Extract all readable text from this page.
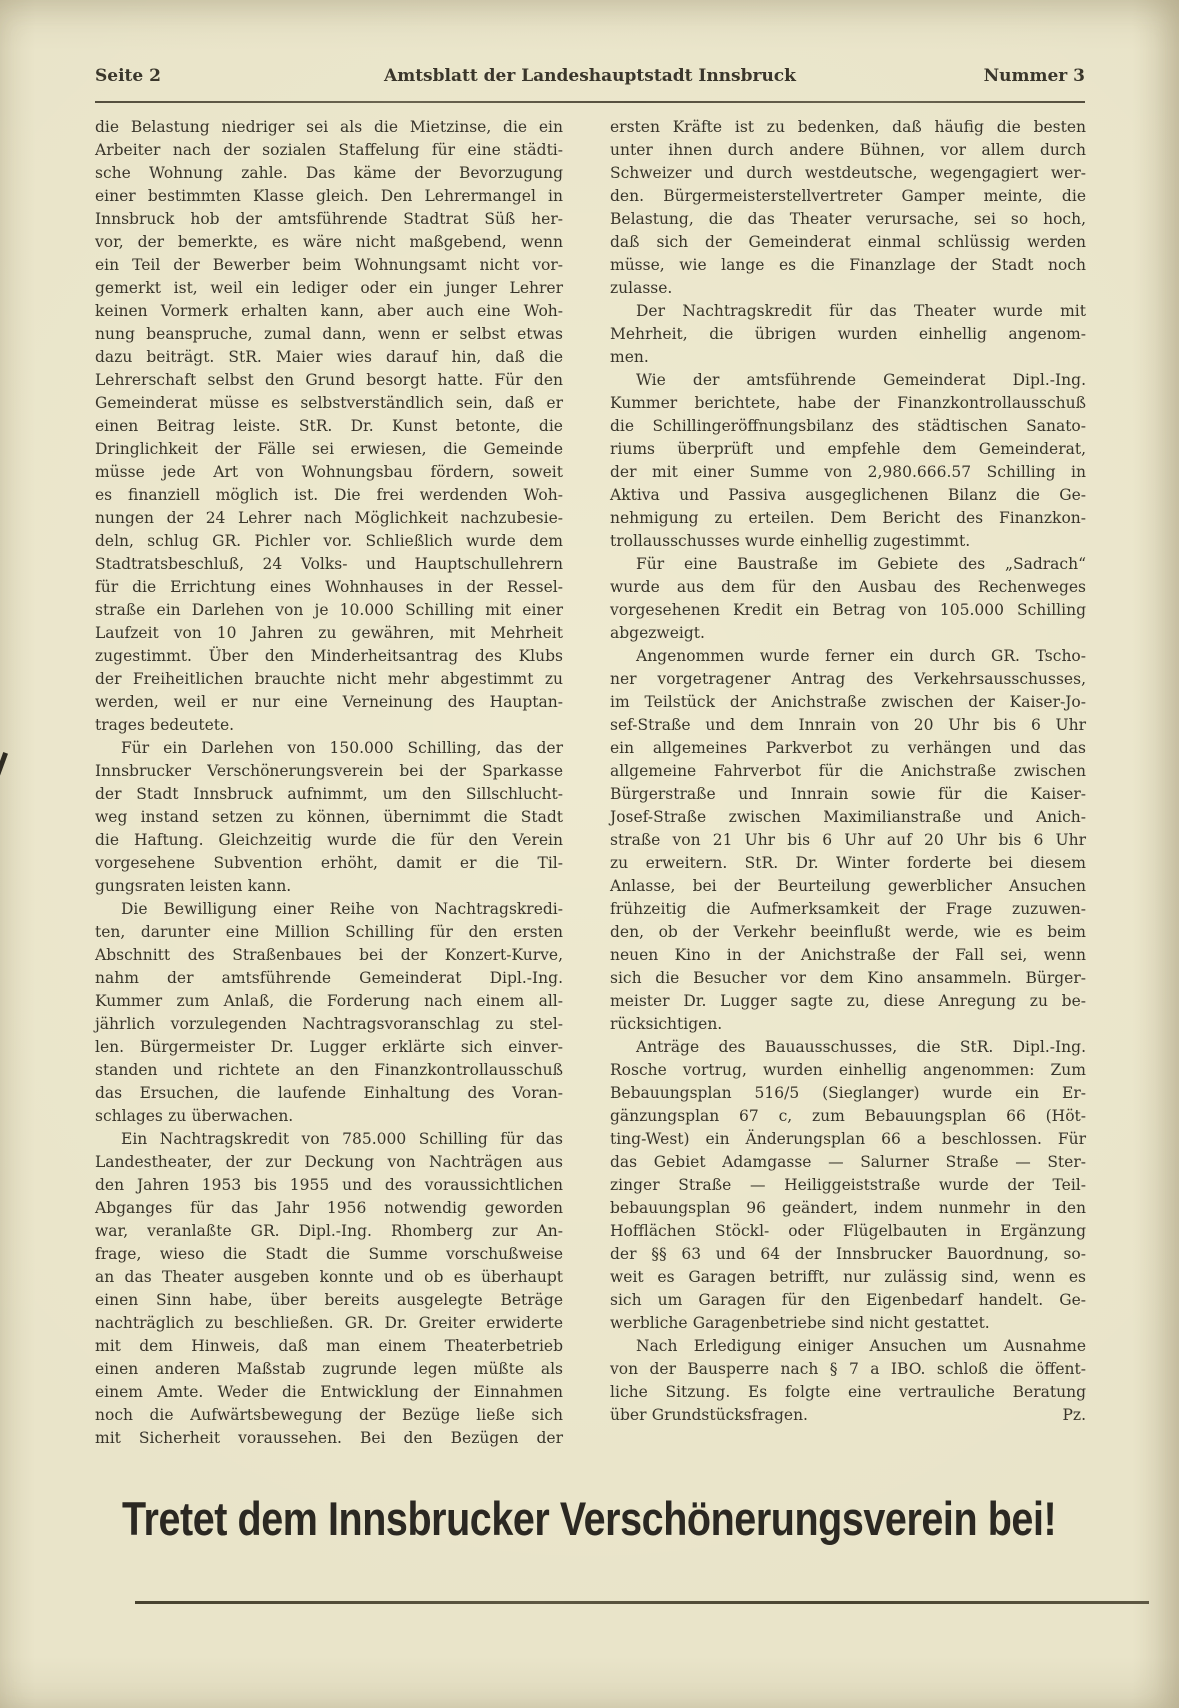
Seite 2	Amtsblatt der Landeshauptstadt Innsbruck	Nummer 3
die Belastung niedriger sei als die Mietzinse, die ein
Arbeiter nach der sozialen Staffelung für eine städti-
sche Wohnung zahle. Das käme der Bevorzugung
einer bestimmten Klasse gleich. Den Lehrermangel in
Innsbruck hob der amtsführende Stadtrat Süß her-
vor, der bemerkte, es wäre nicht maßgebend, wenn
ein Teil der Bewerber beim Wohnungsamt nicht vor-
gemerkt ist, weil ein lediger oder ein junger Lehrer
keinen Vormerk erhalten kann, aber auch eine Woh-
nung beanspruche, zumal dann, wenn er selbst etwas
dazu beiträgt. StR. Maier wies darauf hin, daß die
Lehrerschaft selbst den Grund besorgt hatte. Für den
Gemeinderat müsse es selbstverständlich sein, daß er
einen Beitrag leiste. StR. Dr. Kunst betonte, die
Dringlichkeit der Fälle sei erwiesen, die Gemeinde
müsse jede Art von Wohnungsbau fördern, soweit
es finanziell möglich ist. Die frei werdenden Woh-
nungen der 24 Lehrer nach Möglichkeit nachzubesie-
deln, schlug GR. Pichler vor. Schließlich wurde dem
Stadtratsbeschluß, 24 Volks- und Hauptschullehrern
für die Errichtung eines Wohnhauses in der Ressel-
straße ein Darlehen von je 10.000 Schilling mit einer
Laufzeit von 10 Jahren zu gewähren, mit Mehrheit
zugestimmt. Über den Minderheitsantrag des Klubs
der Freiheitlichen brauchte nicht mehr abgestimmt zu
werden, weil er nur eine Verneinung des Hauptan-
trages bedeutete.
Für ein Darlehen von 150.000 Schilling, das der
Innsbrucker Verschönerungsverein bei der Sparkasse
der Stadt Innsbruck aufnimmt, um den Sillschlucht-
weg instand setzen zu können, übernimmt die Stadt
die Haftung. Gleichzeitig wurde die für den Verein
vorgesehene Subvention erhöht, damit er die Til-
gungsraten leisten kann.
Die Bewilligung einer Reihe von Nachtragskredi-
ten, darunter eine Million Schilling für den ersten
Abschnitt des Straßenbaues bei der Konzert-Kurve,
nahm der amtsführende Gemeinderat Dipl.-Ing.
Kummer zum Anlaß, die Forderung nach einem all-
jährlich vorzulegenden Nachtragsvoranschlag zu stel-
len. Bürgermeister Dr. Lugger erklärte sich einver-
standen und richtete an den Finanzkontrollausschuß
das Ersuchen, die laufende Einhaltung des Voran-
schlages zu überwachen.
Ein Nachtragskredit von 785.000 Schilling für das
Landestheater, der zur Deckung von Nachträgen aus
den Jahren 1953 bis 1955 und des voraussichtlichen
Abganges für das Jahr 1956 notwendig geworden
war, veranlaßte GR. Dipl.-Ing. Rhomberg zur An-
frage, wieso die Stadt die Summe vorschußweise
an das Theater ausgeben konnte und ob es überhaupt
einen Sinn habe, über bereits ausgelegte Beträge
nachträglich zu beschließen. GR. Dr. Greiter erwiderte
mit dem Hinweis, daß man einem Theaterbetrieb
einen anderen Maßstab zugrunde legen müßte als
einem Amte. Weder die Entwicklung der Einnahmen
noch die Aufwärtsbewegung der Bezüge ließe sich
mit Sicherheit voraussehen. Bei den Bezügen der
ersten Kräfte ist zu bedenken, daß häufig die besten
unter ihnen durch andere Bühnen, vor allem durch
Schweizer und durch westdeutsche, wegengagiert wer-
den. Bürgermeisterstellvertreter Gamper meinte, die
Belastung, die das Theater verursache, sei so hoch,
daß sich der Gemeinderat einmal schlüssig werden
müsse, wie lange es die Finanzlage der Stadt noch
zulasse.
Der Nachtragskredit für das Theater wurde mit
Mehrheit, die übrigen wurden einhellig angenom-
men.
Wie der amtsführende Gemeinderat Dipl.-Ing.
Kummer berichtete, habe der Finanzkontrollausschuß
die Schillingeröffnungsbilanz des städtischen Sanato-
riums überprüft und empfehle dem Gemeinderat,
der mit einer Summe von 2,980.666.57 Schilling in
Aktiva und Passiva ausgeglichenen Bilanz die Ge-
nehmigung zu erteilen. Dem Bericht des Finanzkon-
trollausschusses wurde einhellig zugestimmt.
Für eine Baustraße im Gebiete des „Sadrach“
wurde aus dem für den Ausbau des Rechenweges
vorgesehenen Kredit ein Betrag von 105.000 Schilling
abgezweigt.
Angenommen wurde ferner ein durch GR. Tscho-
ner vorgetragener Antrag des Verkehrsausschusses,
im Teilstück der Anichstraße zwischen der Kaiser-Jo-
sef-Straße und dem Innrain von 20 Uhr bis 6 Uhr
ein allgemeines Parkverbot zu verhängen und das
allgemeine Fahrverbot für die Anichstraße zwischen
Bürgerstraße und Innrain sowie für die Kaiser-
Josef-Straße zwischen Maximilianstraße und Anich-
straße von 21 Uhr bis 6 Uhr auf 20 Uhr bis 6 Uhr
zu erweitern. StR. Dr. Winter forderte bei diesem
Anlasse, bei der Beurteilung gewerblicher Ansuchen
frühzeitig die Aufmerksamkeit der Frage zuzuwen-
den, ob der Verkehr beeinflußt werde, wie es beim
neuen Kino in der Anichstraße der Fall sei, wenn
sich die Besucher vor dem Kino ansammeln. Bürger-
meister Dr. Lugger sagte zu, diese Anregung zu be-
rücksichtigen.
Anträge des Bauausschusses, die StR. Dipl.-Ing.
Rosche vortrug, wurden einhellig angenommen: Zum
Bebauungsplan 516/5 (Sieglanger) wurde ein Er-
gänzungsplan 67 c, zum Bebauungsplan 66 (Höt-
ting-West) ein Änderungsplan 66 a beschlossen. Für
das Gebiet Adamgasse — Salurner Straße — Ster-
zinger Straße — Heiliggeiststraße wurde der Teil-
bebauungsplan 96 geändert, indem nunmehr in den
Hofflächen Stöckl- oder Flügelbauten in Ergänzung
der §§ 63 und 64 der Innsbrucker Bauordnung, so-
weit es Garagen betrifft, nur zulässig sind, wenn es
sich um Garagen für den Eigenbedarf handelt. Ge-
werbliche Garagenbetriebe sind nicht gestattet.
Nach Erledigung einiger Ansuchen um Ausnahme
von der Bausperre nach § 7 a IBO. schloß die öffent-
liche Sitzung. Es folgte eine vertrauliche Beratung
über Grundstücksfragen.	Pz.
Tretet dem Innsbrucker Verschönerungsverein bei!
